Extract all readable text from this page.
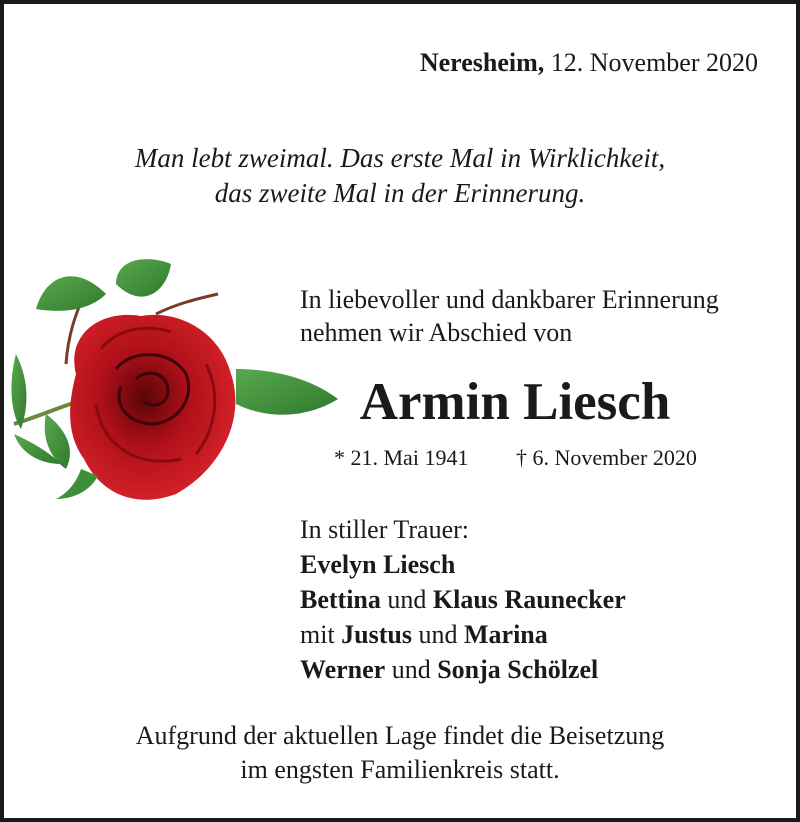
Neresheim, 12. November 2020
Man lebt zweimal. Das erste Mal in Wirklichkeit,
das zweite Mal in der Erinnerung.
In liebevoller und dankbarer Erinnerung
nehmen wir Abschied von
Armin Liesch
* 21. Mai 1941 † 6. November 2020
In stiller Trauer:
Evelyn Liesch
Bettina und Klaus Raunecker
mit Justus und Marina
Werner und Sonja Schölzel
Aufgrund der aktuellen Lage findet die Beisetzung
im engsten Familienkreis statt.
